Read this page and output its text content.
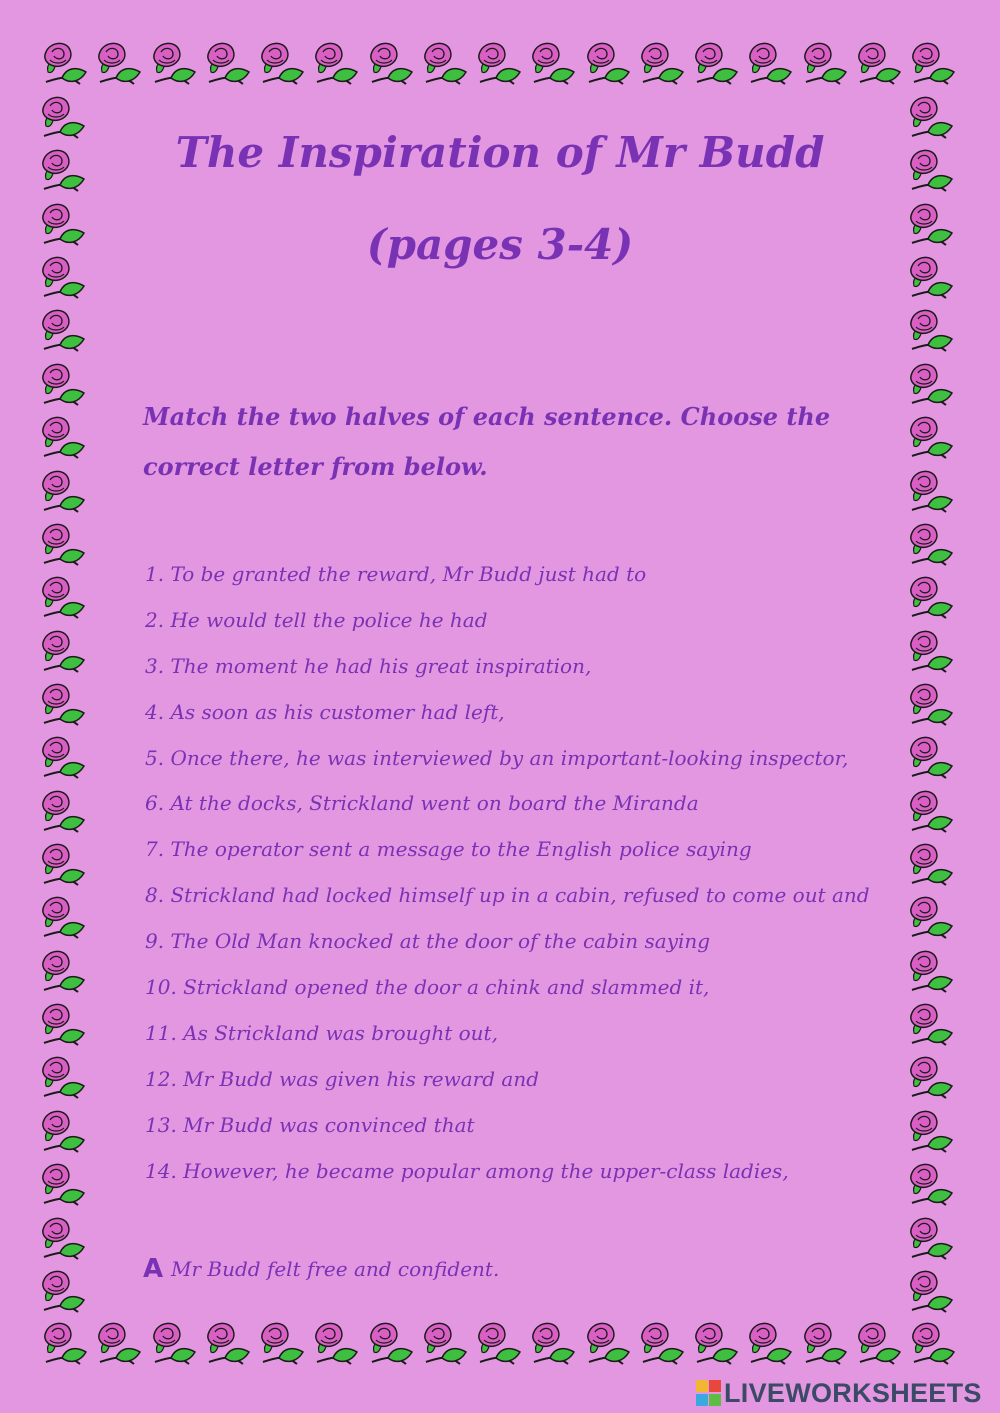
The Inspiration of Mr Budd
(pages 3-4)

Match the two halves of each sentence. Choose the correct letter from below.

1. To be granted the reward, Mr Budd just had to
2. He would tell the police he had
3. The moment he had his great inspiration,
4. As soon as his customer had left,
5. Once there, he was interviewed by an important-looking inspector,
6. At the docks, Strickland went on board the Miranda
7. The operator sent a message to the English police saying
8. Strickland had locked himself up in a cabin, refused to come out and
9. The Old Man knocked at the door of the cabin saying
10. Strickland opened the door a chink and slammed it,
11. As Strickland was brought out,
12. Mr Budd was given his reward and
13. Mr Budd was convinced that
14. However, he became popular among the upper-class ladies,
A Mr Budd felt free and confident.
LIVEWORKSHEETS
